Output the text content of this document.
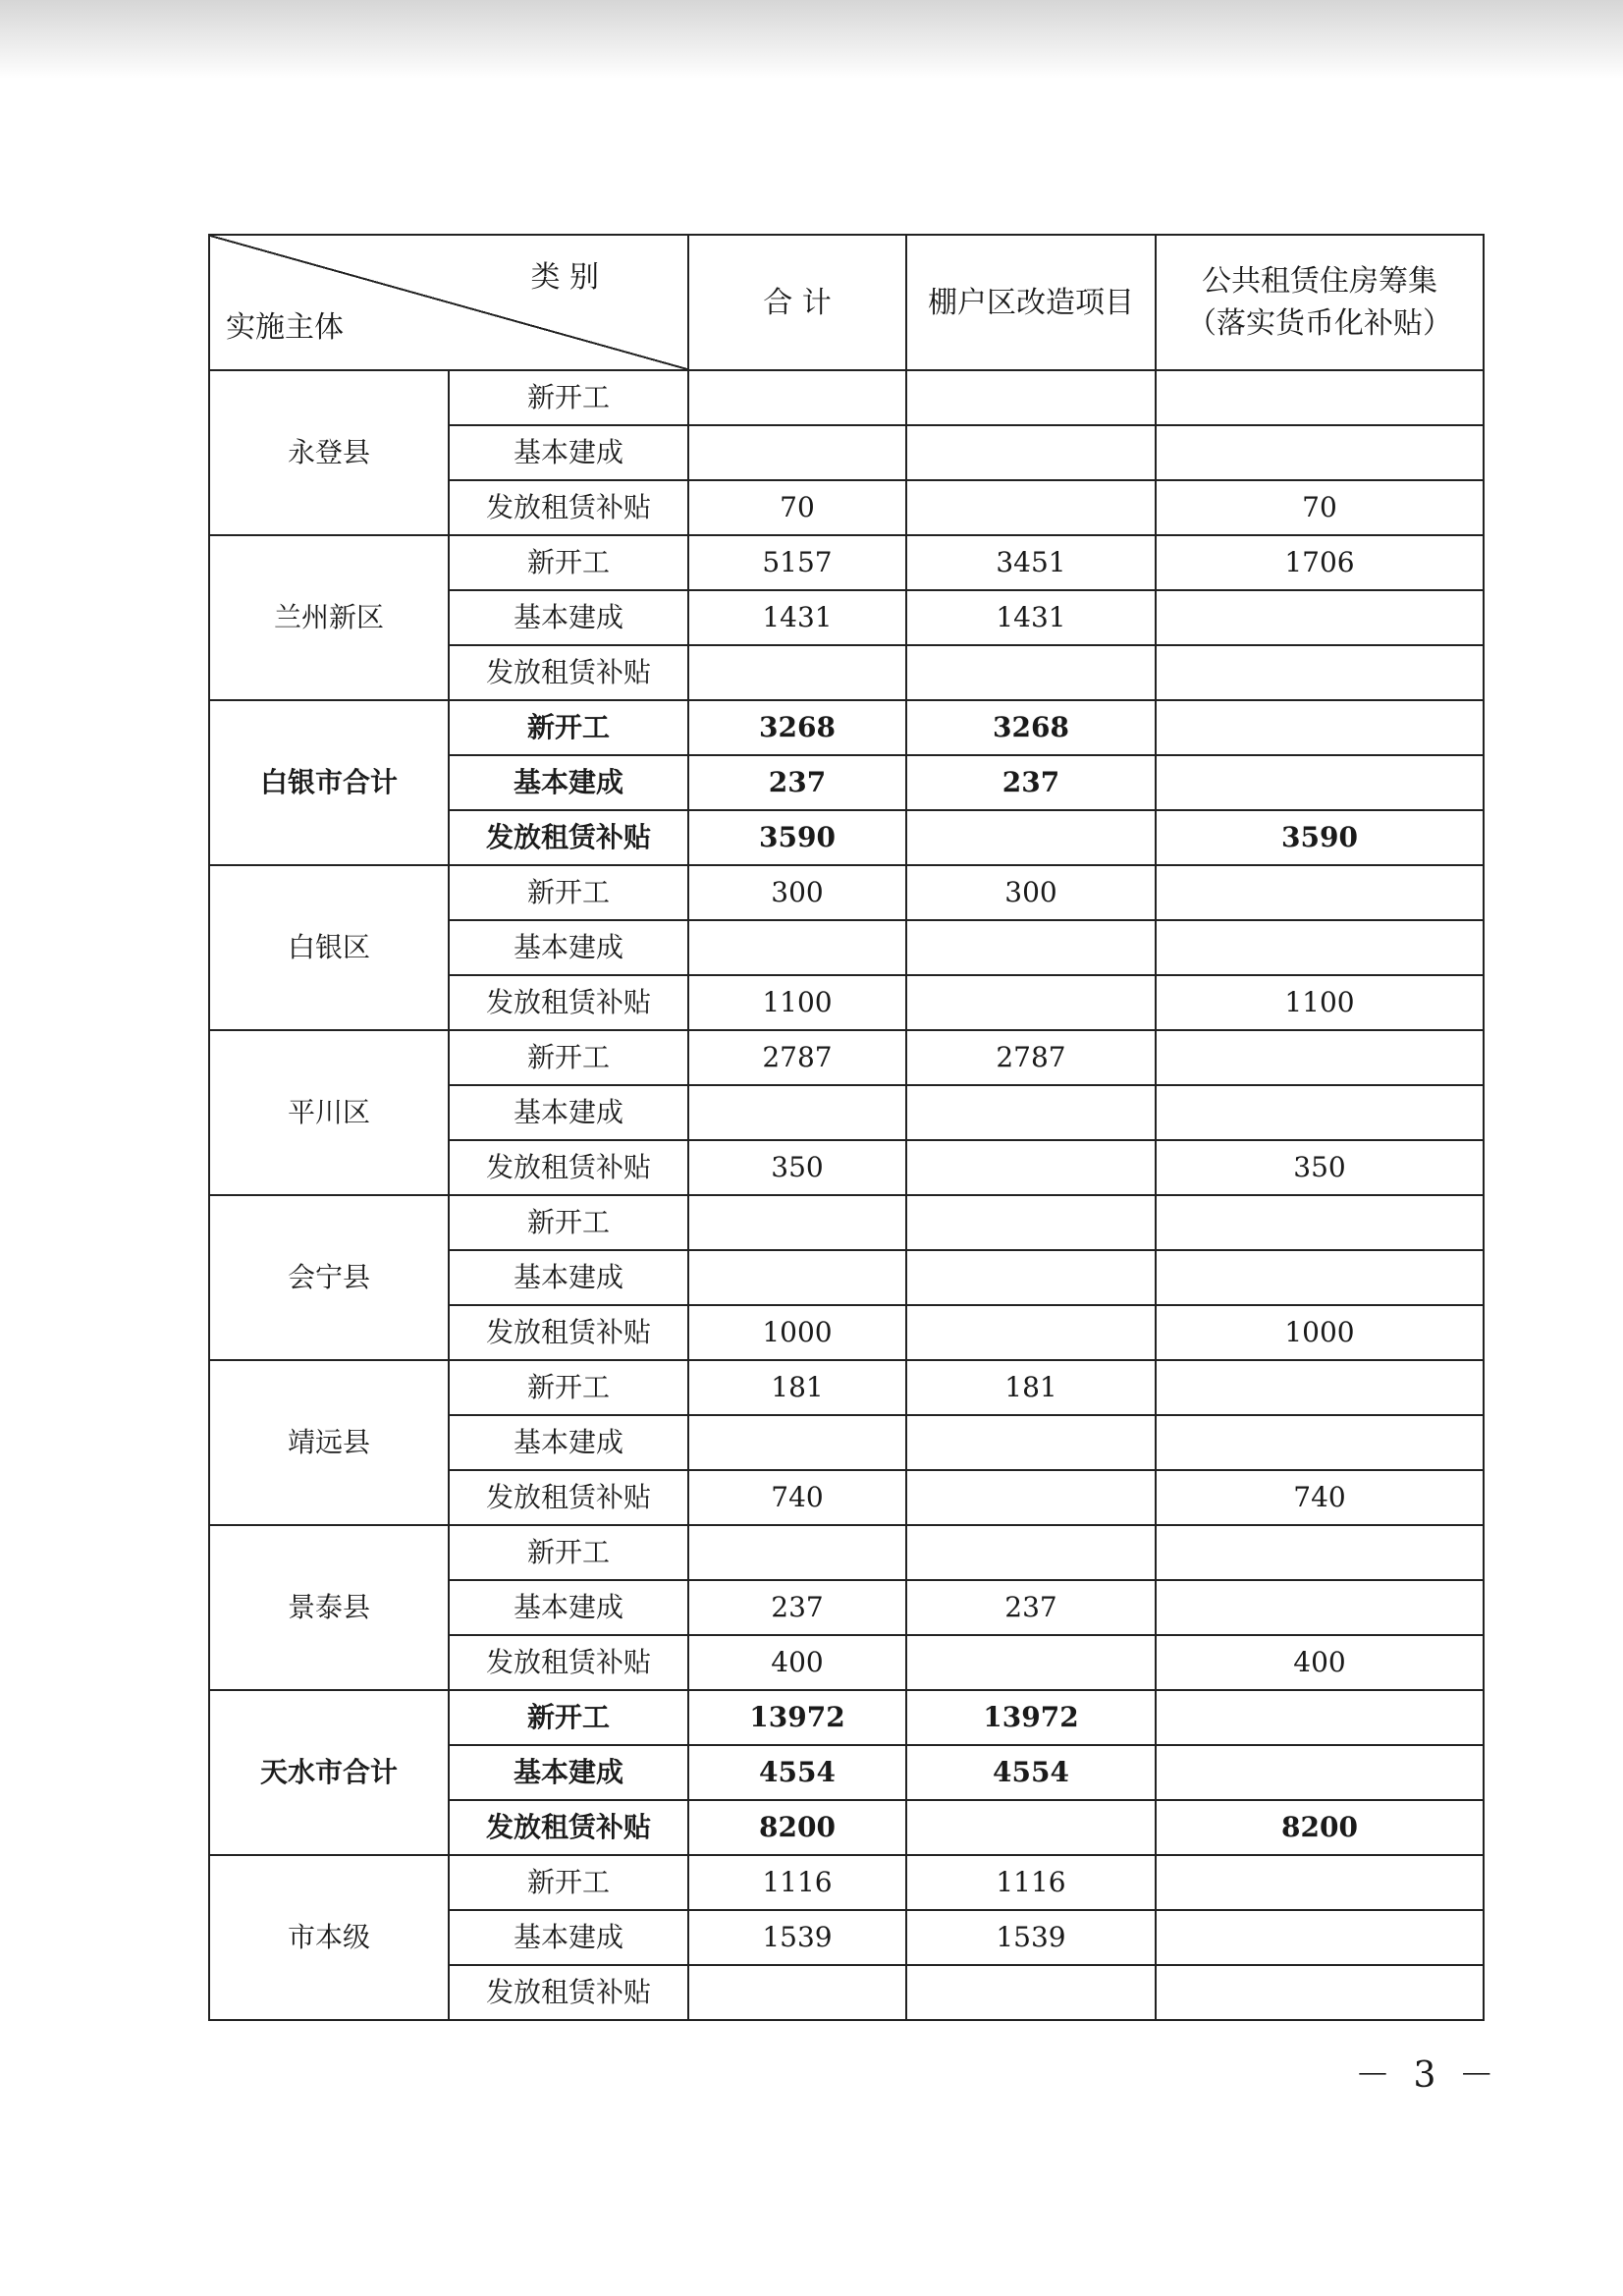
类 别
实施主体		合 计	棚户区改造项目	公共租赁住房筹集（落实货币化补贴）
永登县	新开工			
	基本建成			
	发放租赁补贴	70		70
兰州新区	新开工	5157	3451	1706
	基本建成	1431	1431	
	发放租赁补贴			
白银市合计	新开工	3268	3268	
	基本建成	237	237	
	发放租赁补贴	3590		3590
白银区	新开工	300	300	
	基本建成			
	发放租赁补贴	1100		1100
平川区	新开工	2787	2787	
	基本建成			
	发放租赁补贴	350		350
会宁县	新开工			
	基本建成			
	发放租赁补贴	1000		1000
靖远县	新开工	181	181	
	基本建成			
	发放租赁补贴	740		740
景泰县	新开工			
	基本建成	237	237	
	发放租赁补贴	400		400
天水市合计	新开工	13972	13972	
	基本建成	4554	4554	
	发放租赁补贴	8200		8200
市本级	新开工	1116	1116	
	基本建成	1539	1539	
	发放租赁补贴			
－ 3 －
